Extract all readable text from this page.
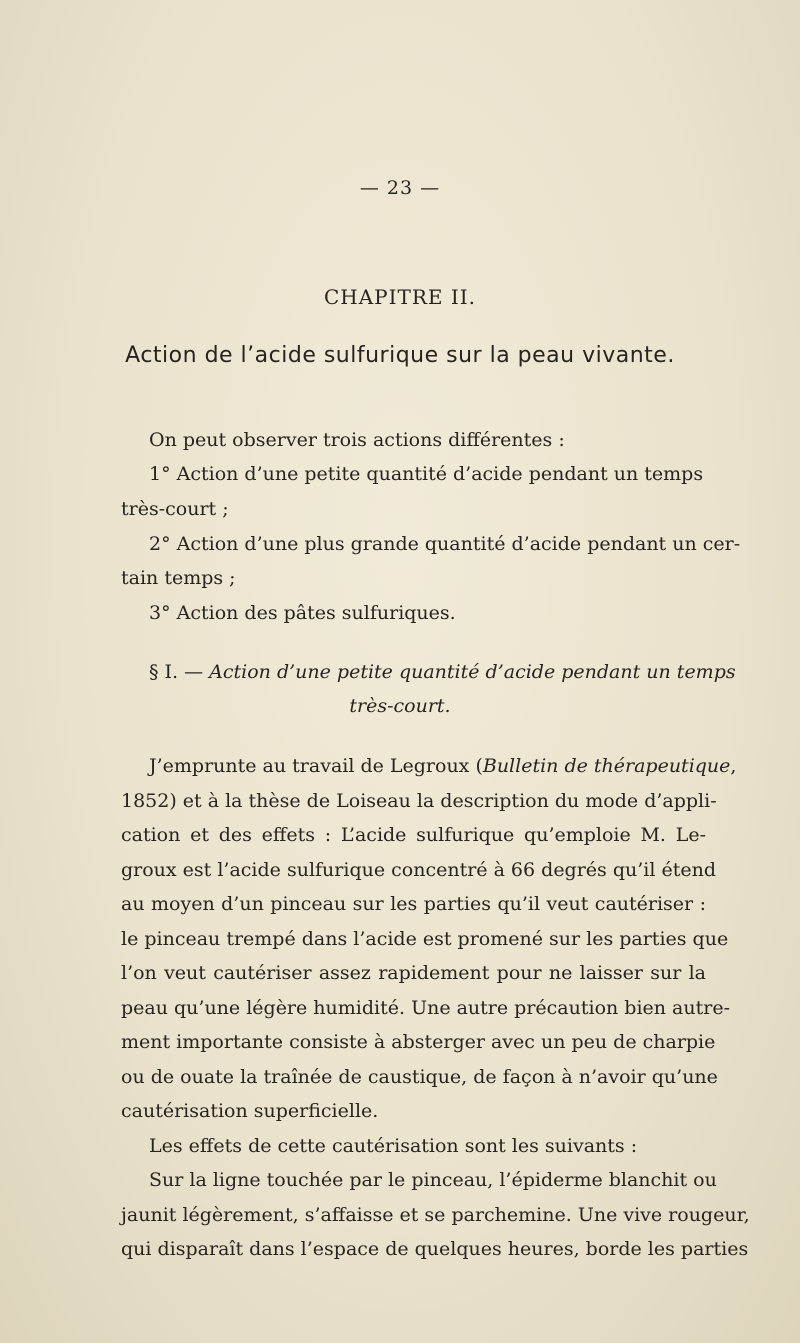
— 23 —
CHAPITRE II.
Action de l’acide sulfurique sur la peau vivante.
On peut observer trois actions différentes :
1° Action d’une petite quantité d’acide pendant un temps
très-court ;
2° Action d’une plus grande quantité d’acide pendant un cer-
tain temps ;
3° Action des pâtes sulfuriques.
§ I. — Action d’une petite quantité d’acide pendant un temps
très-court.
J’emprunte au travail de Legroux (Bulletin de thérapeutique,
1852) et à la thèse de Loiseau la description du mode d’appli-
cation et des effets : L’acide sulfurique qu’emploie M. Le-
groux est l’acide sulfurique concentré à 66 degrés qu’il étend
au moyen d’un pinceau sur les parties qu’il veut cautériser :
le pinceau trempé dans l’acide est promené sur les parties que
l’on veut cautériser assez rapidement pour ne laisser sur la
peau qu’une légère humidité. Une autre précaution bien autre-
ment importante consiste à absterger avec un peu de charpie
ou de ouate la traînée de caustique, de façon à n’avoir qu’une
cautérisation superficielle.
Les effets de cette cautérisation sont les suivants :
Sur la ligne touchée par le pinceau, l’épiderme blanchit ou
jaunit légèrement, s’affaisse et se parchemine. Une vive rougeur,
qui disparaît dans l’espace de quelques heures, borde les parties
